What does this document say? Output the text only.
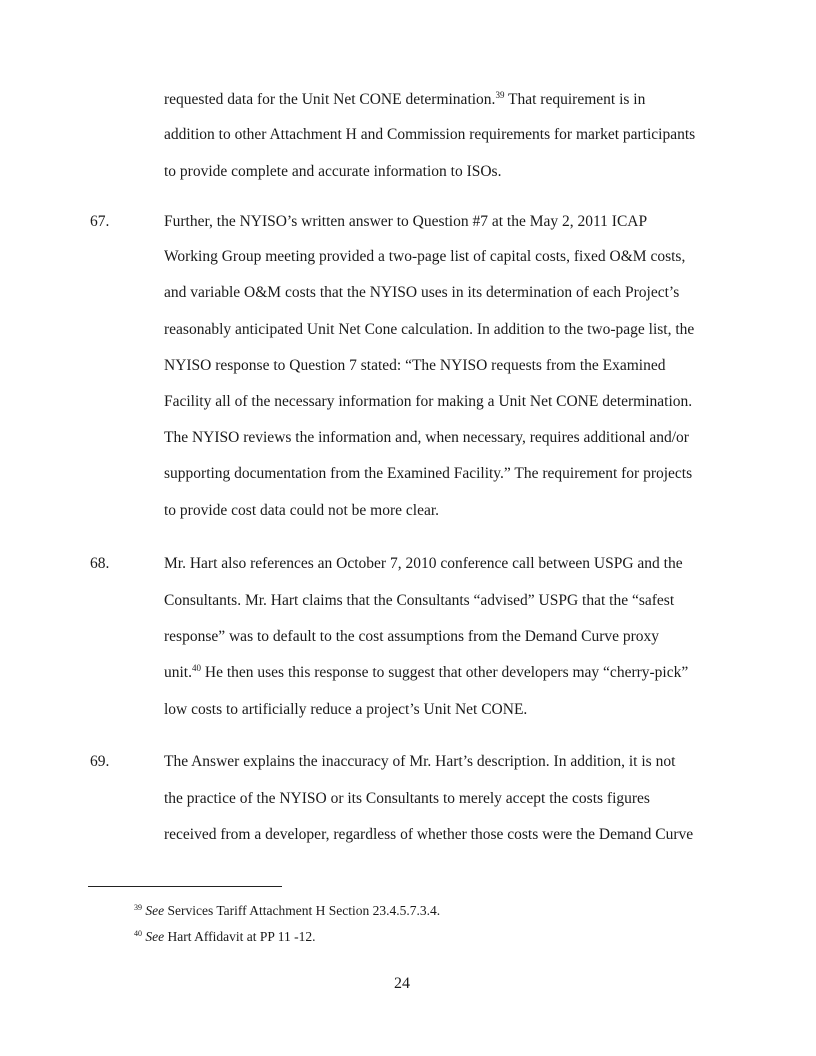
requested data for the Unit Net CONE determination.$^{39}$ That requirement is in
addition to other Attachment H and Commission requirements for market participants
to provide complete and accurate information to ISOs.
67.	Further, the NYISO’s written answer to Question #7 at the May 2, 2011 ICAP
Working Group meeting provided a two-page list of capital costs, fixed O&M costs,
and variable O&M costs that the NYISO uses in its determination of each Project’s
reasonably anticipated Unit Net Cone calculation. In addition to the two-page list, the
NYISO response to Question 7 stated: “The NYISO requests from the Examined
Facility all of the necessary information for making a Unit Net CONE determination.
The NYISO reviews the information and, when necessary, requires additional and/or
supporting documentation from the Examined Facility.” The requirement for projects
to provide cost data could not be more clear.
68.	Mr. Hart also references an October 7, 2010 conference call between USPG and the
Consultants. Mr. Hart claims that the Consultants “advised” USPG that the “safest
response” was to default to the cost assumptions from the Demand Curve proxy
unit.$^{40}$ He then uses this response to suggest that other developers may “cherry-pick”
low costs to artificially reduce a project’s Unit Net CONE.
69.	The Answer explains the inaccuracy of Mr. Hart’s description. In addition, it is not
the practice of the NYISO or its Consultants to merely accept the costs figures
received from a developer, regardless of whether those costs were the Demand Curve
$^{39}$ See Services Tariff Attachment H Section 23.4.5.7.3.4.
$^{40}$ See Hart Affidavit at PP 11 -12.
24
